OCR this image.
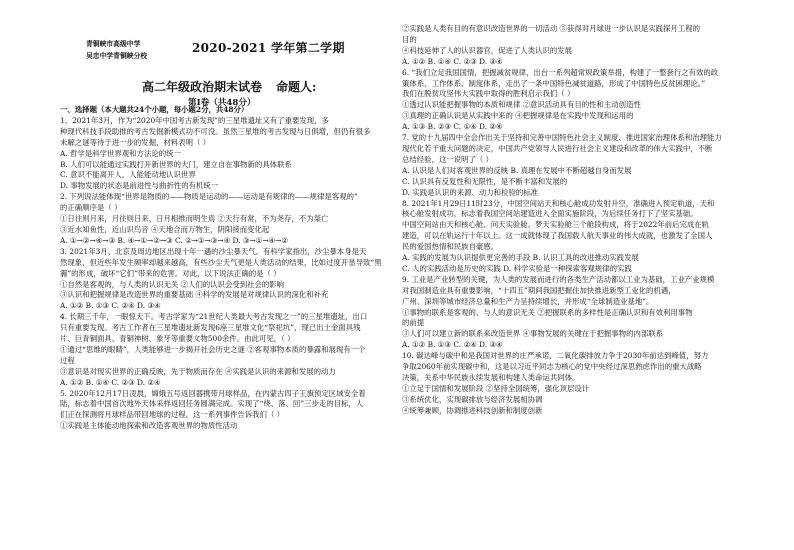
青铜峡市高级中学
吴忠中学青铜峡分校
2020-2021 学年第二学期
高二年级政治期末试卷 命题人:
第I卷（共48分）
一、选择题（本大题共24个小题，每小题2分，共48分）
1、2021年3月，作为“2020年中国考古新发现”的三星堆遗址又有了重要发现，多
种现代科技手段助推的考古发掘新模式功不可没。虽然三星堆的考古发现与日俱增，但仍有很多
未解之谜等待于进一步的发掘，材料表明（ ）
A. 哲学是科学世界观和方法论的统一
B. 人们可以能通过实践打开新世界的大门，建立自在事物新的具体联系
C. 意识不能离开人，人能能动地认识世界
D. 事物发展的状态是前进性与曲折性的有机统一
2. 下列说法能体现“世界是物质的——物质是运动的——运动是有规律的——规律是客观的”
的正确顺序是（ ）
①日往则月来，月往则日来，日月相推而明生焉 ②天行有常，不为尧存，不为桀亡
③近水知鱼性，近山识鸟音 ④天地合而万物生，阴阳接而变化起
A. ①→②→④→③ B. ④→①→②→③ C. ②→①→③→④ D. ③→①→④→②
3. 2021年3月，北京及周边地区出现十年一遇的沙尘暴天气。有科学家指出，沙尘暴本身是天
然现象，但近些年发生频率却越来越高，有些沙尘天气更是人类活动的结果，比如过度开垦导致“黑
霾”的形成，破坏“它们”带来的危害。对此，以下说法正确的是（ ）
①自然是客观的，与人类的认识无关 ②人们的认识会受到社会的影响
③认识和把握规律是改造世界的重要基础 ④科学的发展是对规律认识的深化和补充
A. ①② B. ①③ C. ②④ D. ③④
4. 长期三千年，一眼惊天下。考古学家为“21世纪人类最大考古发现之一”的三星堆遗址，出口
只有重要发现。考古工作者在三星堆遗址新发现6座三星堆文化“祭祀坑”，现已出土金面具残
片、巨青铜面具、青铜神树、象牙等重要文物500余件。由此可见，（ ）
①通过“思维的眼睛”，人类能够进一步揭开社会历史之谜 ②客观事物本质的暴露和展现有一个
过程
③意识是对现实世界的正确反映，先于物质而存在 ④实践是认识的来源和发展的动力
A. ①② B. ①④ C. ②③ D. ②④
5. 2020年12月17日凌晨，嫦娥五号返回器携带月球样品，在内蒙古四子王旗预定区域安全着
陆，标志着中国首次地外天体采样返回任务圆满完成。实现了“绕、落、回”三步走的目标，人
们正在探测将月球样品带回地球的过程。这一系列事件告诉我们（ ）
①实践是主体能动地探索和改造客观世界的物质性活动
②实践是人类有目的有意识改造世界的一切活动 ③获得对月球进一步认识是实践探月工程的
目的
④科技延伸了人的认识器官，促进了人类认识的发展
A. ①② B. ①④ C. ②③ D. ③④
6. “我们立足我国国情，把握减贫规律，出台一系列超常规政策举措，构建了一整套行之有效的政
策体系、工作体系、制度体系，走出了一条中国特色减贫道路，形成了中国特色反贫困理论。”
我们在脱贫攻坚伟大实践中取得的胜利启示我们（ ）
①透过认识能把握事物的本质和规律 ②意识活动具有目的性和主动创造性
③真理的正确认识是从实践中来的 ④把握规律是在实践中发现和运用的
A. ①③ B. ②③ C. ①④ D. ②④
7. 党的十九届四中全会作出关于坚持和完善中国特色社会主义制度、推进国家治理体系和治理能力
现代化若干重大问题的决定，中国共产党领导人民进行社会主义建设和改革的伟大实践中，不断
总结经验，这一说明了（ ）
A. 认识是人们对客观世界的反映 B. 真理在发展中不断超越自身而发展
C. 认识具有反复性和无限性，是不断丰富和发展的
D. 实践是认识的来源、动力和检验的标准
8. 2021年1月29日11时23分，中国空间站天和核心舱成功发射升空，准确进入预定轨道，天和
核心舱发射成功，标志着我国空间站建造进入全面实施阶段，为后续任务打下了坚实基础。
中国空间站由天和核心舱、问天实验舱、梦天实验舱三个舱段构成，将于2022年前后完成在轨
建造，可以在轨运行十年以上。这一成就体现了我国载人航天事业的伟大成就，也激发了全国人
民的爱国热情和民族自豪感。
A. 实践的发展为认识提供更完善的手段 B. 认识工具的改进推动实践发展
C. 人的实践活动是历史的实践 D. 科学实验是一种探索客观规律的实践
9. 工业是产业转型的关键，为人类的发展而进行的各类生产活动都以工业为基础，工业产业规模
对我国制造业具有重要影响，“十四五”期间我国把握住加快推进新型工业化的机遇，
广州、深圳等城市经济总量和生产力呈持续增长，并形成“全球制造业基地”。
①事物的联系是客观的、与人的意识无关 ②把握联系的多样性是正确认识和有效利用事物
的前提
③人们可以建立新的联系来改造世界 ④事物发展的关键在于把握事物的内部联系
A. ①② B. ①③ C. ②④ D. ③④
10. 碳达峰与碳中和是我国对世界的庄严承诺，二氧化碳排放力争于2030年前达到峰值，努力
争取2060年前实现碳中和，这是以习近平同志为核心的党中央经过深思熟虑作出的重大战略
决策，关系中华民族永续发展和构建人类命运共同体。
①立足于国情和发展阶段 ②坚持全国统筹，强化顶层设计
③系统优化，实现碳排放与经济发展相协调
④统筹兼顾，协调推进科技创新和制度创新
